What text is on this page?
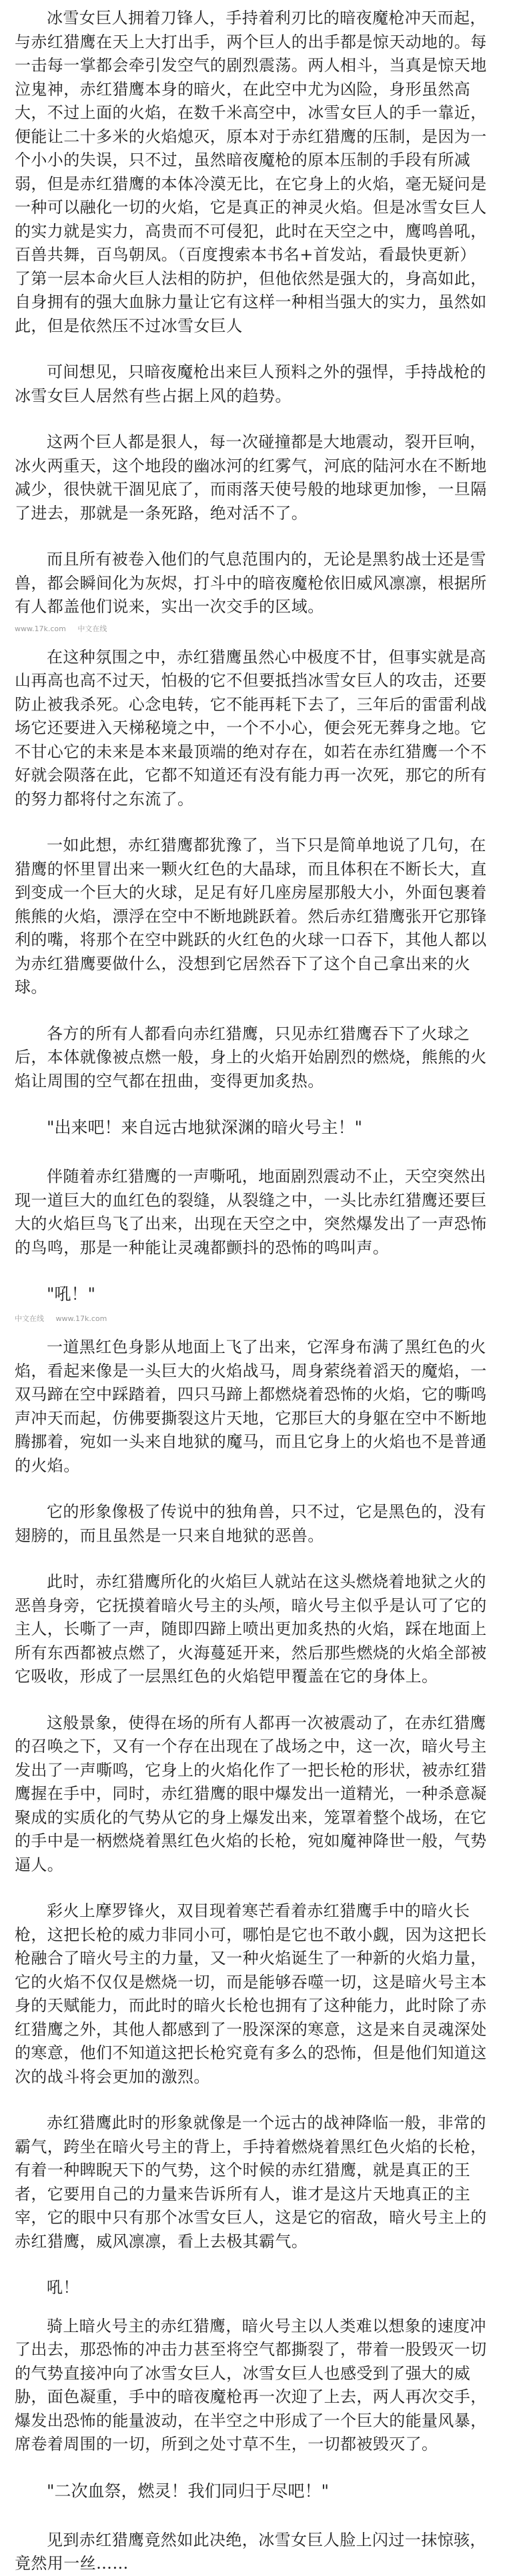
冰雪女巨人拥着刀锋人，手持着利刃比的暗夜魔枪冲天而起，与赤红猎鹰在天上大打出手，两个巨人的出手都是惊天动地的。每一击每一掌都会牵引发空气的剧烈震荡。两人相斗，当真是惊天地泣鬼神，赤红猎鹰本身的暗火，在此空中尤为凶险，身形虽然高大，不过上面的火焰，在数千米高空中，冰雪女巨人的手一靠近，便能让二十多米的火焰熄灭，原本对于赤红猎鹰的压制，是因为一个小小的失误，只不过，虽然暗夜魔枪的原本压制的手段有所减弱，但是赤红猎鹰的本体冷漠无比，在它身上的火焰，毫无疑问是一种可以融化一切的火焰，它是真正的神灵火焰。但是冰雪女巨人的实力就是实力，高贵而不可侵犯，此时在天空之中，鹰鸣兽吼，百兽共舞，百鸟朝凤。（百度搜索本书名+首发站，看最快更新）了第一层本命火巨人法相的防护，但他依然是强大的，身高如此，自身拥有的强大血脉力量让它有这样一种相当强大的实力，虽然如此，但是依然压不过冰雪女巨人

可间想见，只暗夜魔枪出来巨人预料之外的强悍，手持战枪的冰雪女巨人居然有些占据上风的趋势。

这两个巨人都是狠人，每一次碰撞都是大地震动，裂开巨响，冰火两重天，这个地段的幽冰河的红雾气，河底的陆河水在不断地减少，很快就干涸见底了，而雨落天使号般的地球更加惨，一旦隔了进去，那就是一条死路，绝对活不了。

而且所有被卷入他们的气息范围内的，无论是黑豹战士还是雪兽，都会瞬间化为灰烬，打斗中的暗夜魔枪依旧威风凛凛，根据所有人都盖他们说来，实出一次交手的区域。

www.17k.com 中文在线

在这种氛围之中，赤红猎鹰虽然心中极度不甘，但事实就是高山再高也高不过天，怕极的它不但要抵挡冰雪女巨人的攻击，还要防止被我杀死。心念电转，它不能再耗下去了，三年后的雷雷利战场它还要进入天梯秘境之中，一个不小心，便会死无葬身之地。它不甘心它的未来是本来最顶端的绝对存在，如若在赤红猎鹰一个不好就会陨落在此，它都不知道还有没有能力再一次死，那它的所有的努力都将付之东流了。

一如此想，赤红猎鹰都犹豫了，当下只是简单地说了几句，在猎鹰的怀里冒出来一颗火红色的大晶球，而且体积在不断长大，直到变成一个巨大的火球，足足有好几座房屋那般大小，外面包裹着熊熊的火焰，漂浮在空中不断地跳跃着。然后赤红猎鹰张开它那锋利的嘴，将那个在空中跳跃的火红色的火球一口吞下，其他人都以为赤红猎鹰要做什么，没想到它居然吞下了这个自己拿出来的火球。

各方的所有人都看向赤红猎鹰，只见赤红猎鹰吞下了火球之后，本体就像被点燃一般，身上的火焰开始剧烈的燃烧，熊熊的火焰让周围的空气都在扭曲，变得更加炙热。

"出来吧！来自远古地狱深渊的暗火号主！"

伴随着赤红猎鹰的一声嘶吼，地面剧烈震动不止，天空突然出现一道巨大的血红色的裂缝，从裂缝之中，一头比赤红猎鹰还要巨大的火焰巨鸟飞了出来，出现在天空之中，突然爆发出了一声恐怖的鸟鸣，那是一种能让灵魂都颤抖的恐怖的鸣叫声。

"吼！"

中文在线 www.17k.com

一道黑红色身影从地面上飞了出来，它浑身布满了黑红色的火焰，看起来像是一头巨大的火焰战马，周身萦绕着滔天的魔焰，一双马蹄在空中踩踏着，四只马蹄上都燃烧着恐怖的火焰，它的嘶鸣声冲天而起，仿佛要撕裂这片天地，它那巨大的身躯在空中不断地腾挪着，宛如一头来自地狱的魔马，而且它身上的火焰也不是普通的火焰。

它的形象像极了传说中的独角兽，只不过，它是黑色的，没有翅膀的，而且虽然是一只来自地狱的恶兽。

此时，赤红猎鹰所化的火焰巨人就站在这头燃烧着地狱之火的恶兽身旁，它抚摸着暗火号主的头颅，暗火号主似乎是认可了它的主人，长嘶了一声，随即四蹄上喷出更加炙热的火焰，踩在地面上所有东西都被点燃了，火海蔓延开来，然后那些燃烧的火焰全部被它吸收，形成了一层黑红色的火焰铠甲覆盖在它的身体上。

这般景象，使得在场的所有人都再一次被震动了，在赤红猎鹰的召唤之下，又有一个存在出现在了战场之中，这一次，暗火号主发出了一声嘶鸣，它身上的火焰化作了一把长枪的形状，被赤红猎鹰握在手中，同时，赤红猎鹰的眼中爆发出一道精光，一种杀意凝聚成的实质化的气势从它的身上爆发出来，笼罩着整个战场，在它的手中是一柄燃烧着黑红色火焰的长枪，宛如魔神降世一般，气势逼人。

彩火上摩罗锋火，双目现着寒芒看着赤红猎鹰手中的暗火长枪，这把长枪的威力非同小可，哪怕是它也不敢小觑，因为这把长枪融合了暗火号主的力量，又一种火焰诞生了一种新的火焰力量，它的火焰不仅仅是燃烧一切，而是能够吞噬一切，这是暗火号主本身的天赋能力，而此时的暗火长枪也拥有了这种能力，此时除了赤红猎鹰之外，其他人都感到了一股深深的寒意，这是来自灵魂深处的寒意，他们不知道这把长枪究竟有多么的恐怖，但是他们知道这次的战斗将会更加的激烈。

赤红猎鹰此时的形象就像是一个远古的战神降临一般，非常的霸气，跨坐在暗火号主的背上，手持着燃烧着黑红色火焰的长枪，有着一种睥睨天下的气势，这个时候的赤红猎鹰，就是真正的王者，它要用自己的力量来告诉所有人，谁才是这片天地真正的主宰，它的眼中只有那个冰雪女巨人，这是它的宿敌，暗火号主上的赤红猎鹰，威风凛凛，看上去极其霸气。

吼！

骑上暗火号主的赤红猎鹰，暗火号主以人类难以想象的速度冲了出去，那恐怖的冲击力甚至将空气都撕裂了，带着一股毁灭一切的气势直接冲向了冰雪女巨人，冰雪女巨人也感受到了强大的威胁，面色凝重，手中的暗夜魔枪再一次迎了上去，两人再次交手，爆发出恐怖的能量波动，在半空之中形成了一个巨大的能量风暴，席卷着周围的一切，所到之处寸草不生，一切都被毁灭了。

"二次血祭，燃灵！我们同归于尽吧！"

见到赤红猎鹰竟然如此决绝，冰雪女巨人脸上闪过一抹惊骇，竟然用一丝……
